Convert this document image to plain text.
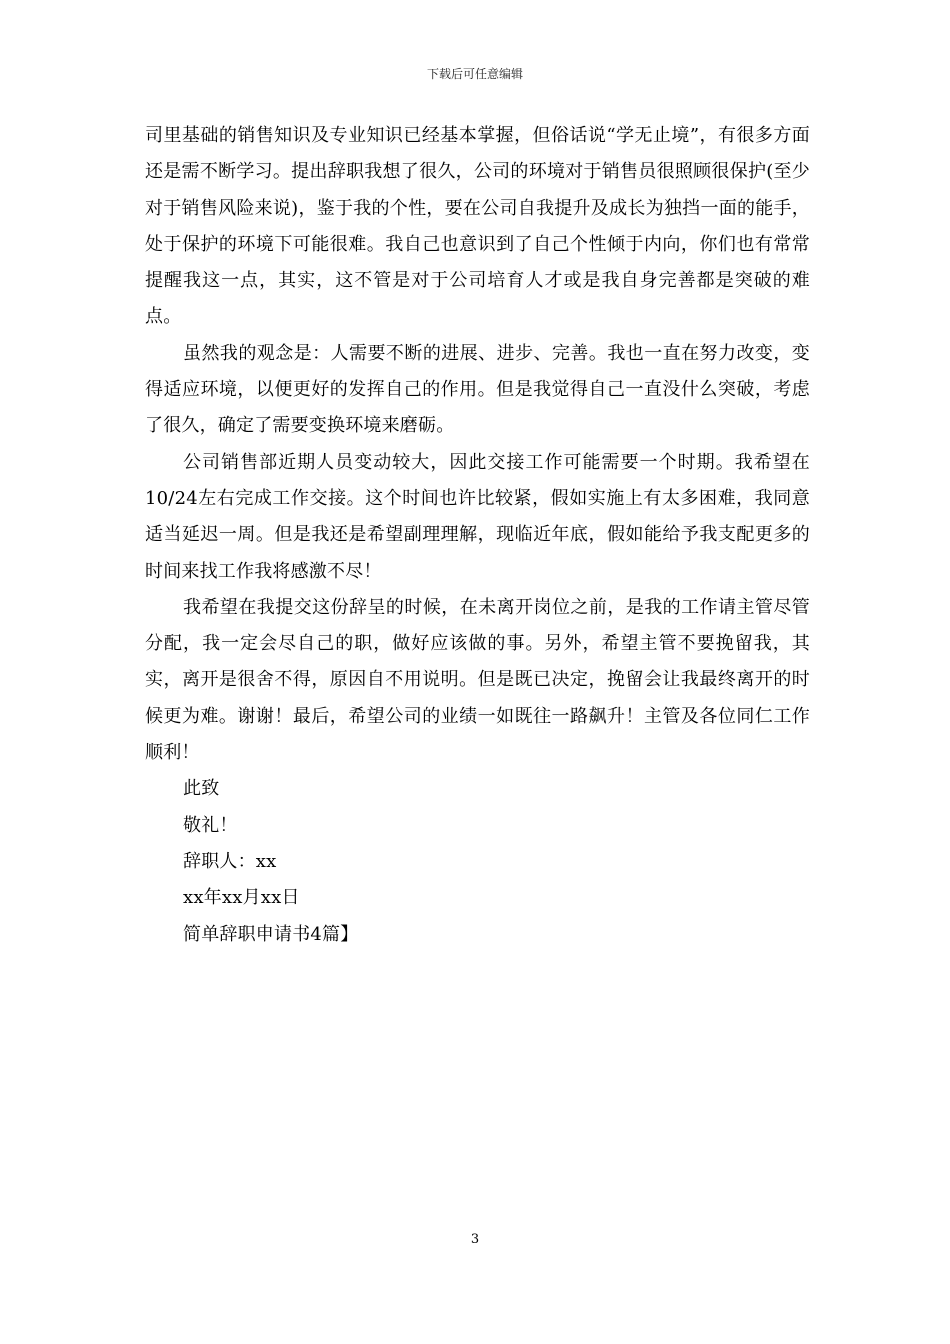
下载后可任意编辑

司里基础的销售知识及专业知识已经基本掌握，但俗话说“学无止境”，有很多方面还是需不断学习。提出辞职我想了很久，公司的环境对于销售员很照顾很保护(至少对于销售风险来说)，鉴于我的个性，要在公司自我提升及成长为独挡一面的能手，处于保护的环境下可能很难。我自己也意识到了自己个性倾于内向，你们也有常常提醒我这一点，其实，这不管是对于公司培育人才或是我自身完善都是突破的难点。

虽然我的观念是：人需要不断的进展、进步、完善。我也一直在努力改变，变得适应环境，以便更好的发挥自己的作用。但是我觉得自己一直没什么突破，考虑了很久，确定了需要变换环境来磨砺。

公司销售部近期人员变动较大，因此交接工作可能需要一个时期。我希望在10/24左右完成工作交接。这个时间也许比较紧，假如实施上有太多困难，我同意适当延迟一周。但是我还是希望副理理解，现临近年底，假如能给予我支配更多的时间来找工作我将感激不尽！

我希望在我提交这份辞呈的时候，在未离开岗位之前，是我的工作请主管尽管分配，我一定会尽自己的职，做好应该做的事。另外，希望主管不要挽留我，其实，离开是很舍不得，原因自不用说明。但是既已决定，挽留会让我最终离开的时候更为难。谢谢！最后，希望公司的业绩一如既往一路飙升！主管及各位同仁工作顺利！

此致

敬礼！

辞职人：xx

xx年xx月xx日

简单辞职申请书4篇】

3
